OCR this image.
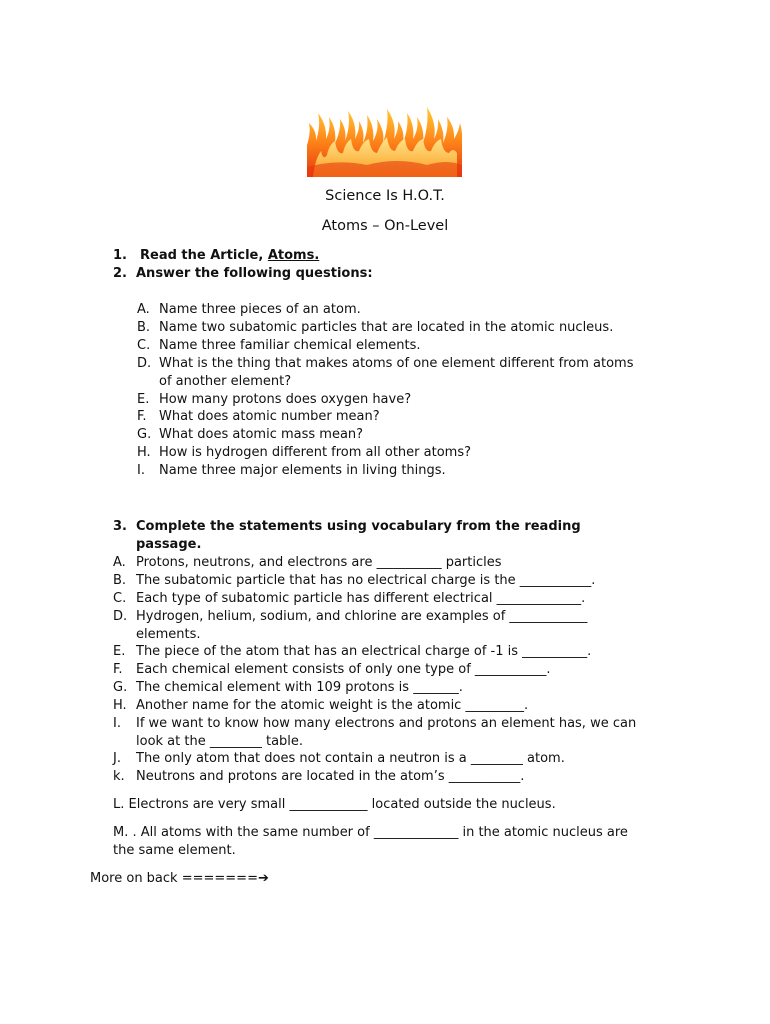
Science Is H.O.T.
Atoms – On-Level
1. Read the Article, Atoms.
2. Answer the following questions:
A. Name three pieces of an atom.
B. Name two subatomic particles that are located in the atomic nucleus.
C. Name three familiar chemical elements.
D. What is the thing that makes atoms of one element different from atoms
of another element?
E. How many protons does oxygen have?
F. What does atomic number mean?
G. What does atomic mass mean?
H. How is hydrogen different from all other atoms?
I. Name three major elements in living things.
3. Complete the statements using vocabulary from the reading
passage.
A. Protons, neutrons, and electrons are __________ particles
B. The subatomic particle that has no electrical charge is the ___________.
C. Each type of subatomic particle has different electrical _____________.
D. Hydrogen, helium, sodium, and chlorine are examples of ____________
elements.
E. The piece of the atom that has an electrical charge of -1 is __________.
F. Each chemical element consists of only one type of ___________.
G. The chemical element with 109 protons is _______.
H. Another name for the atomic weight is the atomic _________.
I. If we want to know how many electrons and protons an element has, we can
look at the ________ table.
J. The only atom that does not contain a neutron is a ________ atom.
k. Neutrons and protons are located in the atom’s ___________.
L. Electrons are very small ____________ located outside the nucleus.
M. . All atoms with the same number of _____________ in the atomic nucleus are
the same element.
More on back =======➔
